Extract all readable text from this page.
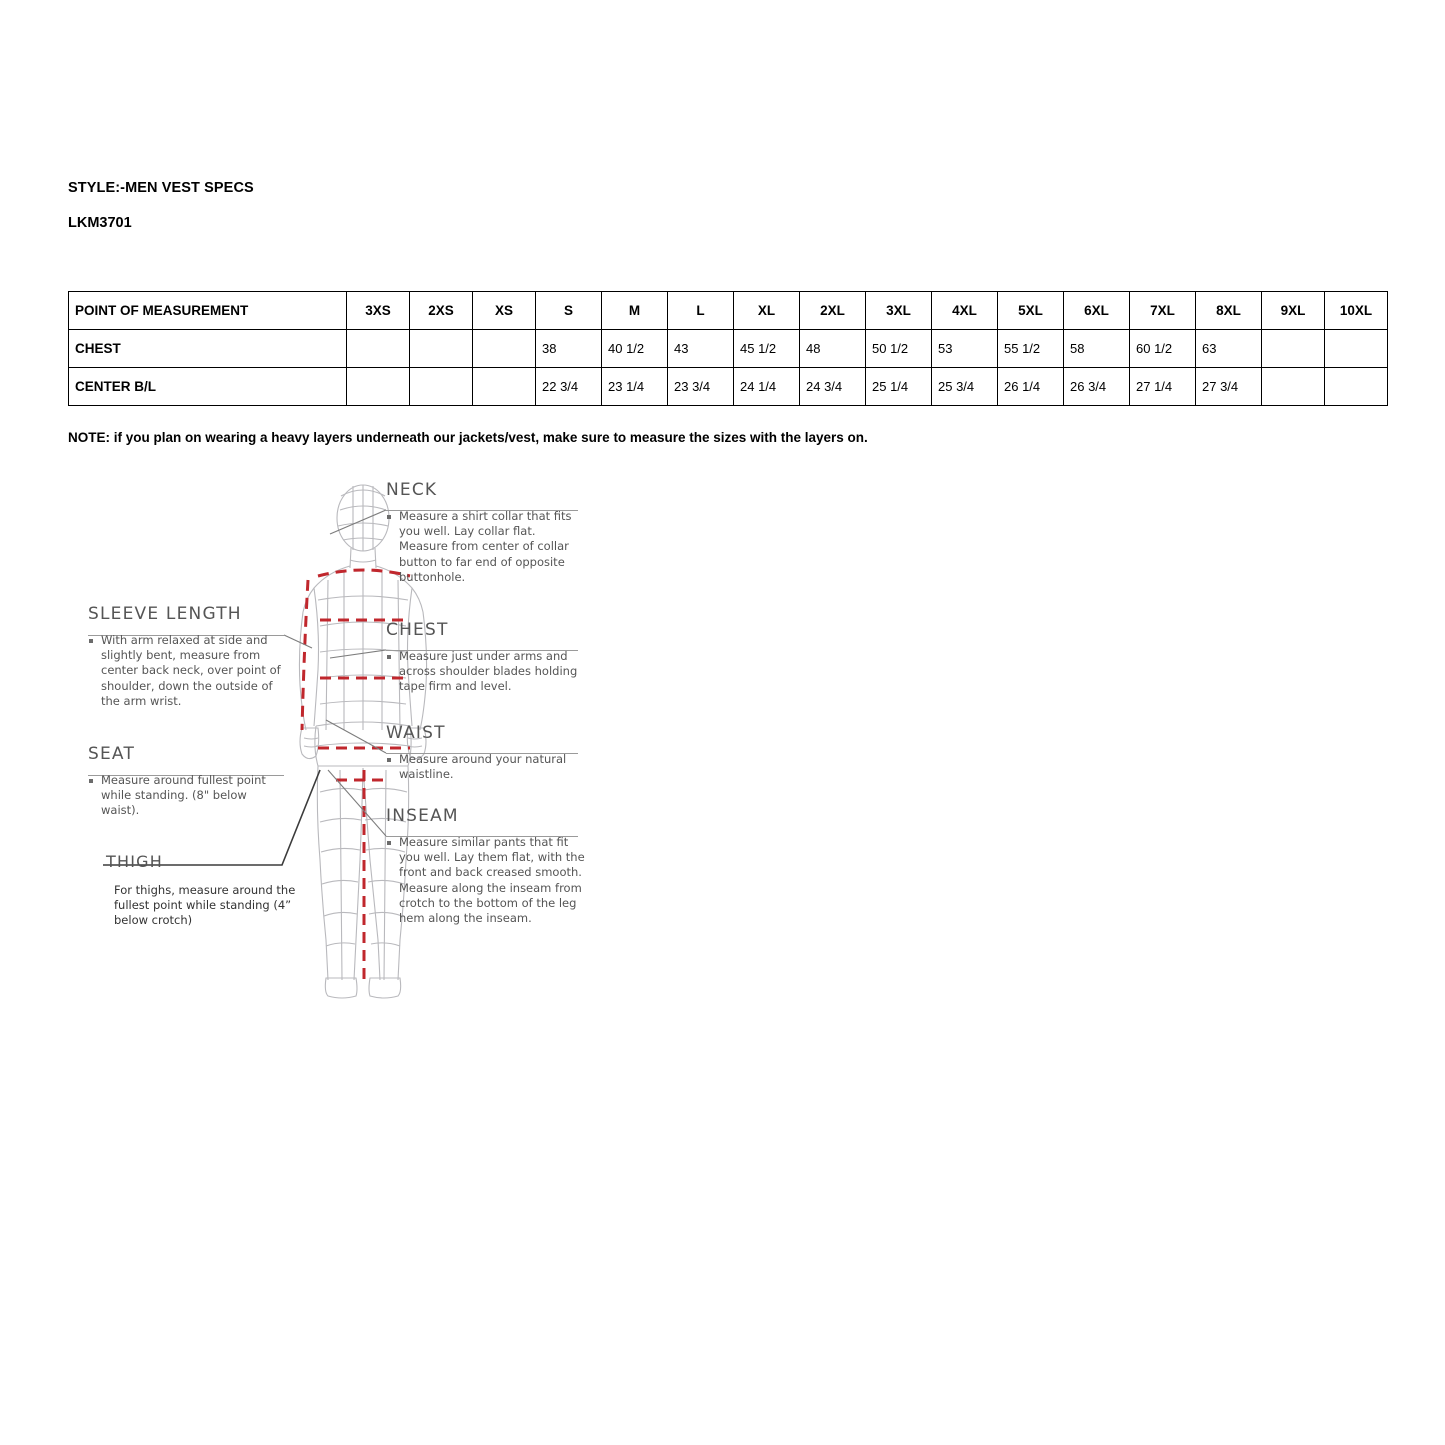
STYLE:-MEN VEST SPECS
LKM3701
POINT OF MEASUREMENT	3XS	2XS	XS	S	M	L	XL	2XL	3XL	4XL	5XL	6XL	7XL	8XL	9XL	10XL
CHEST				38	40 1/2	43	45 1/2	48	50 1/2	53	55 1/2	58	60 1/2	63		
CENTER B/L				22 3/4	23 1/4	23 3/4	24 1/4	24 3/4	25 1/4	25 3/4	26 1/4	26 3/4	27 1/4	27 3/4		
NOTE: if you plan on wearing a heavy layers underneath our jackets/vest, make sure to measure the sizes with the layers on.
NECK
Measure a shirt collar that fits you well. Lay collar flat. Measure from center of collar button to far end of opposite buttonhole.
CHEST
Measure just under arms and across shoulder blades holding tape firm and level.
WAIST
Measure around your natural waistline.
INSEAM
Measure similar pants that fit you well. Lay them flat, with the front and back creased smooth. Measure along the inseam from crotch to the bottom of the leg hem along the inseam.
SLEEVE LENGTH
With arm relaxed at side and slightly bent, measure from center back neck, over point of shoulder, down the outside of the arm wrist.
SEAT
Measure around fullest point while standing. (8" below waist).
THIGH
For thighs, measure around the fullest point while standing (4” below crotch)
